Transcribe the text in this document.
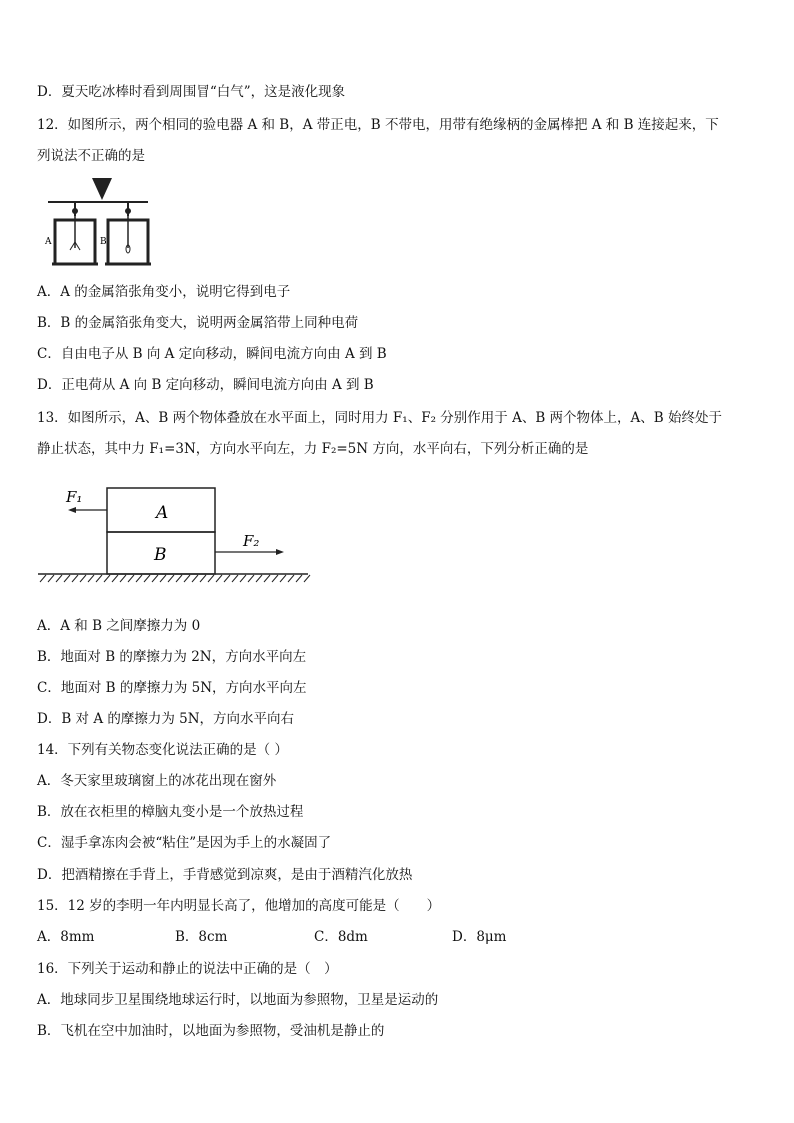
D．夏天吃冰棒时看到周围冒“白气”，这是液化现象
12．如图所示，两个相同的验电器 A 和 B，A 带正电，B 不带电，用带有绝缘柄的金属棒把 A 和 B 连接起来，下
列说法不正确的是
A	B
A．A 的金属箔张角变小，说明它得到电子
B．B 的金属箔张角变大，说明两金属箔带上同种电荷
C．自由电子从 B 向 A 定向移动，瞬间电流方向由 A 到 B
D．正电荷从 A 向 B 定向移动，瞬间电流方向由 A 到 B
13．如图所示，A、B 两个物体叠放在水平面上，同时用力 F₁、F₂ 分别作用于 A、B 两个物体上，A、B 始终处于
静止状态，其中力 F₁=3N，方向水平向左，力 F₂=5N 方向，水平向右，下列分析正确的是
A
B
F₁
F₂
A．A 和 B 之间摩擦力为 0
B．地面对 B 的摩擦力为 2N，方向水平向左
C．地面对 B 的摩擦力为 5N，方向水平向左
D．B 对 A 的摩擦力为 5N，方向水平向右
14．下列有关物态变化说法正确的是（ ）
A．冬天家里玻璃窗上的冰花出现在窗外
B．放在衣柜里的樟脑丸变小是一个放热过程
C．湿手拿冻肉会被“粘住”是因为手上的水凝固了
D．把酒精擦在手背上，手背感觉到凉爽，是由于酒精汽化放热
15．12 岁的李明一年内明显长高了，他增加的高度可能是（　　）
A．8mm	B．8cm	C．8dm	D．8μm
16．下列关于运动和静止的说法中正确的是（　）
A．地球同步卫星围绕地球运行时，以地面为参照物，卫星是运动的
B．飞机在空中加油时，以地面为参照物，受油机是静止的
